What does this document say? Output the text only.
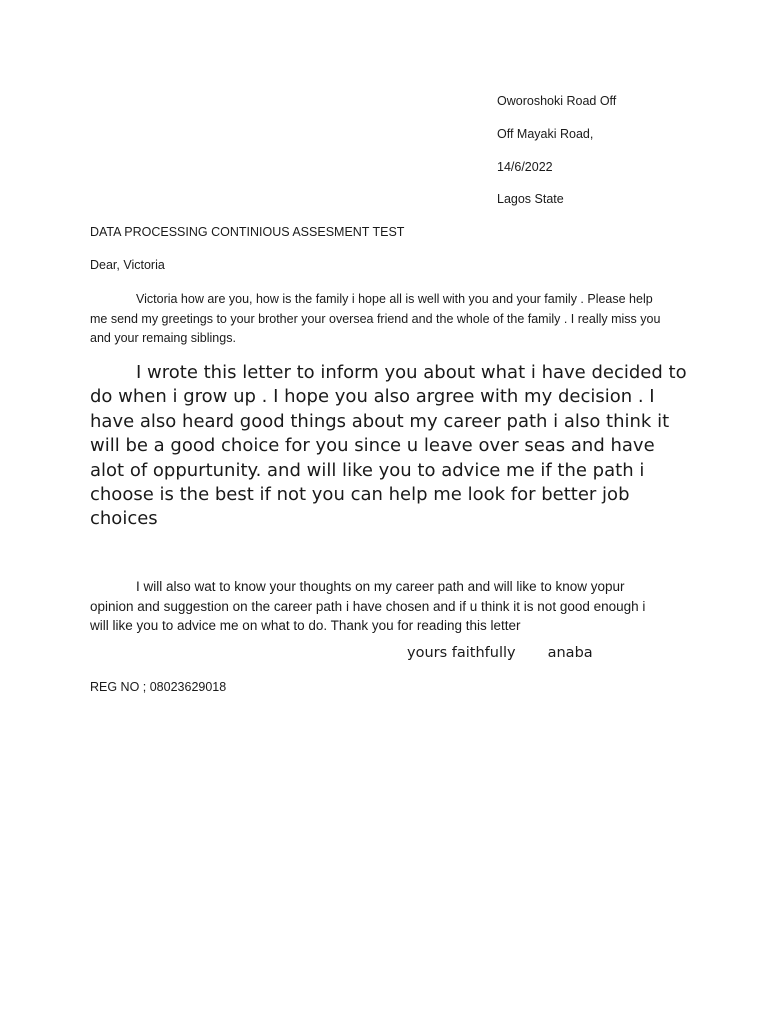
Oworoshoki Road Off
Off Mayaki Road,
14/6/2022
Lagos State
DATA PROCESSING CONTINIOUS ASSESMENT TEST
Dear, Victoria
Victoria how are you, how is the family i hope all is well with you and your family . Please help
me send my greetings to your brother your oversea friend and the whole of the family . I really miss you
and your remaing siblings.
I wrote this letter to inform you about what i have decided to
do when i grow up . I hope you also argree with my decision . I
have also heard good things about my career path i also think it
will be a good choice for you since u leave over seas and have
alot of oppurtunity. and will like you to advice me if the path i
choose is the best if not you can help me look for better job
choices
I will also wat to know your thoughts on my career path and will like to know yopur
opinion and suggestion on the career path i have chosen and if u think it is not good enough i
will like you to advice me on what to do. Thank you for reading this letter
yours faithfully anaba
REG NO ; 08023629018
